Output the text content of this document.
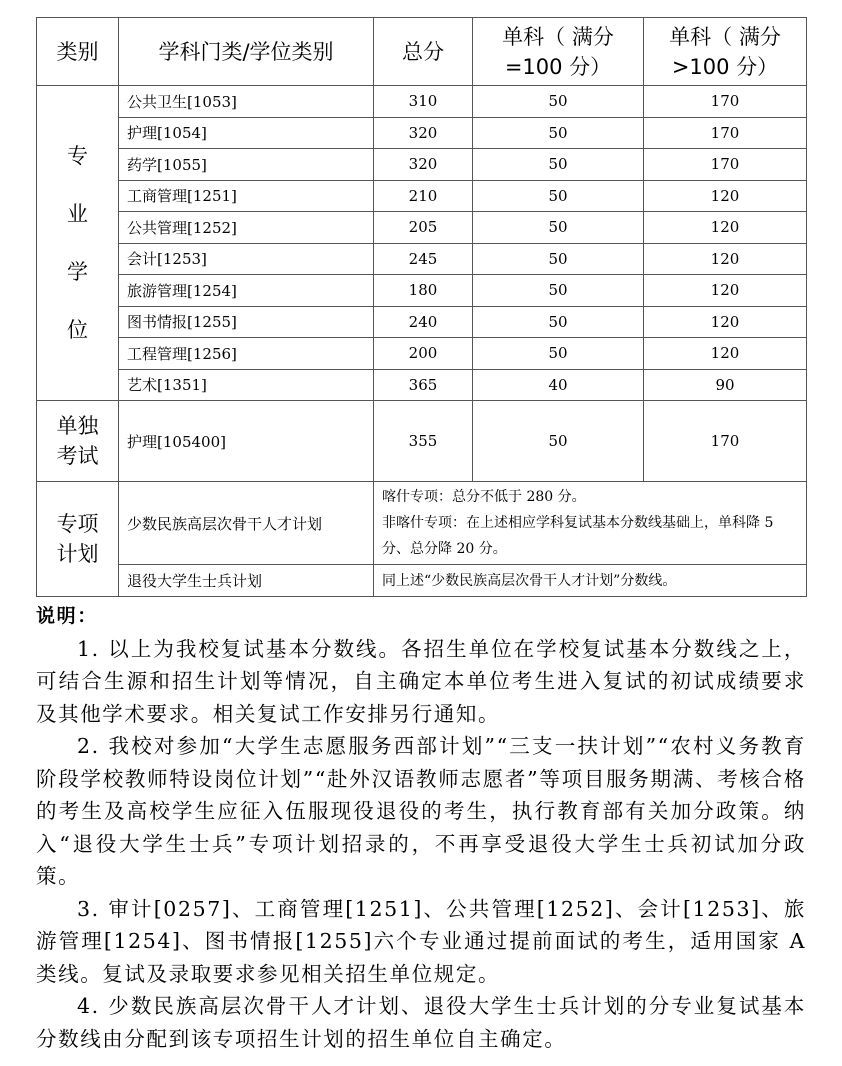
类别	学科门类/学位类别	总分	单科（ 满分=100 分）	单科（ 满分>100 分）

专
业
学
位	公共卫生[1053]	310	50	170
	护理[1054]	320	50	170
	药学[1055]	320	50	170
	工商管理[1251]	210	50	120
	公共管理[1252]	205	50	120
	会计[1253]	245	50	120
	旅游管理[1254]	180	50	120
	图书情报[1255]	240	50	120
	工程管理[1256]	200	50	120
	艺术[1351]	365	40	90
单独考试	护理[105400]	355	50	170
专项计划	少数民族高层次骨干人才计划	喀什专项：总分不低于 280 分。
非喀什专项：在上述相应学科复试基本分数线基础上，单科降 5 分、总分降 20 分。		

	退役大学生士兵计划	同上述“少数民族高层次骨干人才计划”分数线。		

说明：

1. 以上为我校复试基本分数线。各招生单位在学校复试基本分数线之上，可结合生源和招生计划等情况，自主确定本单位考生进入复试的初试成绩要求及其他学术要求。相关复试工作安排另行通知。

2. 我校对参加“大学生志愿服务西部计划”“三支一扶计划”“农村义务教育阶段学校教师特设岗位计划”“赴外汉语教师志愿者”等项目服务期满、考核合格的考生及高校学生应征入伍服现役退役的考生，执行教育部有关加分政策。纳入“退役大学生士兵”专项计划招录的，不再享受退役大学生士兵初试加分政策。

3. 审计[0257]、工商管理[1251]、公共管理[1252]、会计[1253]、旅游管理[1254]、图书情报[1255]六个专业通过提前面试的考生，适用国家 A 类线。复试及录取要求参见相关招生单位规定。

4. 少数民族高层次骨干人才计划、退役大学生士兵计划的分专业复试基本分数线由分配到该专项招生计划的招生单位自主确定。
